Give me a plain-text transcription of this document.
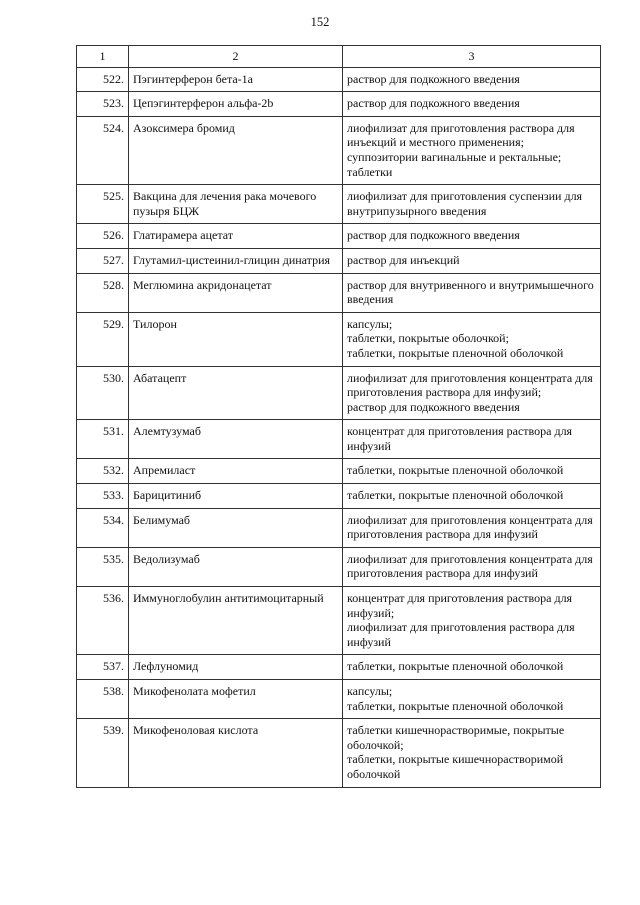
152
1	2	3
522.	Пэгинтерферон бета-1a	раствор для подкожного введения

523.	Цепэгинтерферон альфа-2b	раствор для подкожного введения

524.	Азоксимера бромид	лиофилизат для приготовления раствора для инъекций и местного применения;
суппозитории вагинальные и ректальные;
таблетки

525.	Вакцина для лечения рака мочевого пузыря БЦЖ	лиофилизат для приготовления суспензии для внутрипузырного введения

526.	Глатирамера ацетат	раствор для подкожного введения

527.	Глутамил-цистеинил-глицин динатрия	раствор для инъекций

528.	Меглюмина акридонацетат	раствор для внутривенного и внутримышечного введения

529.	Тилорон	капсулы;
таблетки, покрытые оболочкой;
таблетки, покрытые пленочной оболочкой

530.	Абатацепт	лиофилизат для приготовления концентрата для приготовления раствора для инфузий;
раствор для подкожного введения

531.	Алемтузумаб	концентрат для приготовления раствора для инфузий

532.	Апремиласт	таблетки, покрытые пленочной оболочкой

533.	Барицитиниб	таблетки, покрытые пленочной оболочкой

534.	Белимумаб	лиофилизат для приготовления концентрата для приготовления раствора для инфузий

535.	Ведолизумаб	лиофилизат для приготовления концентрата для приготовления раствора для инфузий

536.	Иммуноглобулин антитимоцитарный	концентрат для приготовления раствора для инфузий;
лиофилизат для приготовления раствора для инфузий

537.	Лефлуномид	таблетки, покрытые пленочной оболочкой

538.	Микофенолата мофетил	капсулы;
таблетки, покрытые пленочной оболочкой

539.	Микофеноловая кислота	таблетки кишечнорастворимые, покрытые оболочкой;
таблетки, покрытые кишечнорастворимой оболочкой
